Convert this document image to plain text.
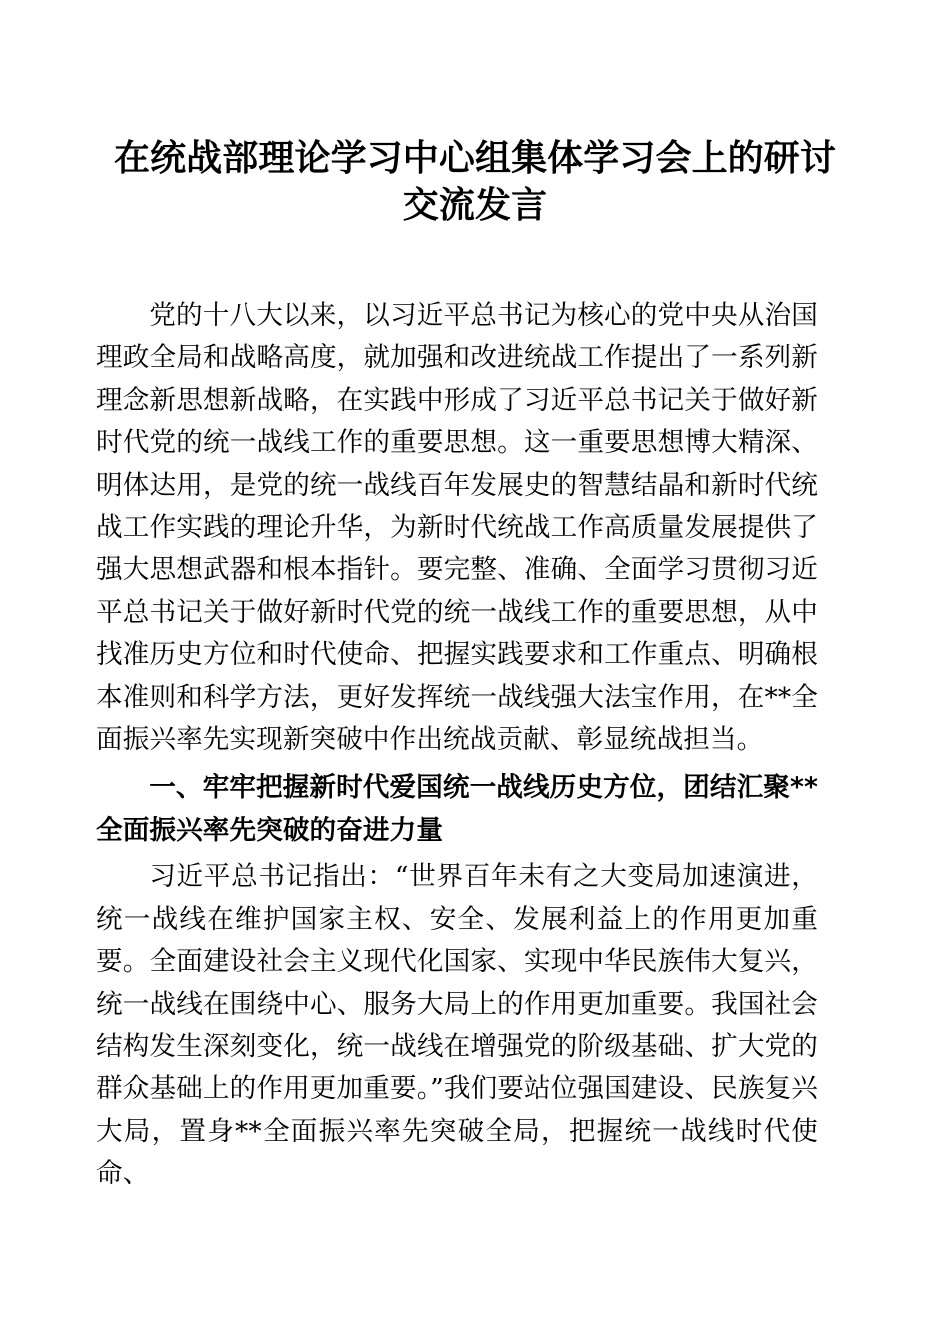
在统战部理论学习中心组集体学习会上的研讨交流发言

党的十八大以来，以习近平总书记为核心的党中央从治国理政全局和战略高度，就加强和改进统战工作提出了一系列新理念新思想新战略，在实践中形成了习近平总书记关于做好新时代党的统一战线工作的重要思想。这一重要思想博大精深、明体达用，是党的统一战线百年发展史的智慧结晶和新时代统战工作实践的理论升华，为新时代统战工作高质量发展提供了强大思想武器和根本指针。要完整、准确、全面学习贯彻习近平总书记关于做好新时代党的统一战线工作的重要思想，从中找准历史方位和时代使命、把握实践要求和工作重点、明确根本准则和科学方法，更好发挥统一战线强大法宝作用，在**全面振兴率先实现新突破中作出统战贡献、彰显统战担当。

一、牢牢把握新时代爱国统一战线历史方位，团结汇聚**全面振兴率先突破的奋进力量

习近平总书记指出：“世界百年未有之大变局加速演进，统一战线在维护国家主权、安全、发展利益上的作用更加重要。全面建设社会主义现代化国家、实现中华民族伟大复兴，统一战线在围绕中心、服务大局上的作用更加重要。我国社会结构发生深刻变化，统一战线在增强党的阶级基础、扩大党的群众基础上的作用更加重要。”我们要站位强国建设、民族复兴大局，置身**全面振兴率先突破全局，把握统一战线时代使命、
